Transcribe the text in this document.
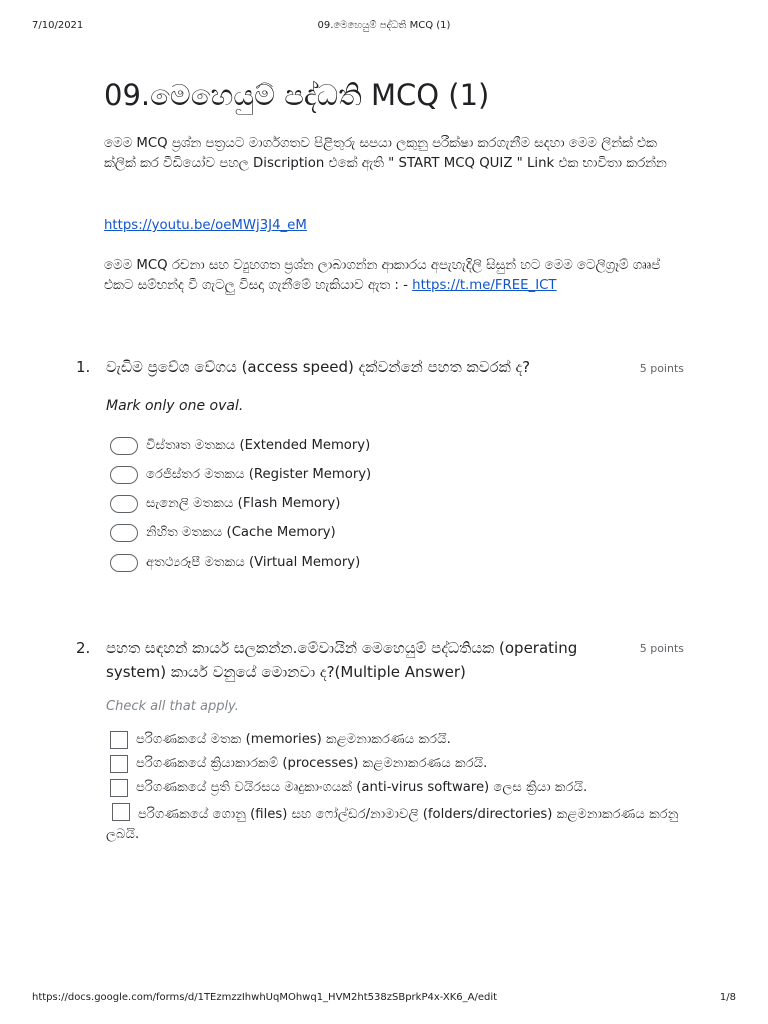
7/10/2021	09.මෙහෙයුම් පද්ධති MCQ (1)
09.මෙහෙයුම් පද්ධති MCQ (1)

මෙම MCQ ප්‍රශ්න පත්‍රයට මාර්ගගතව පිළිතුරු සපයා ලකුනු පරීක්ෂා කරගැනීම සදහා මෙම ලින්ක් එක ක්ලික් කර වීඩියෝව පහල Discription එකේ ඇති " START MCQ QUIZ " Link එක භාවිතා කරන්න

https://youtu.be/oeMWj3J4_eM
මෙම MCQ රචනා සහ ව්‍යුහගත ප්‍රශ්න ලාබාගන්න ආකාරය අපැහැදිලි සිසුන් හට මෙම ටෙලිග්‍රෑම් ගෲප් එකට සම්භන්ද වී ගැටලු විසදා ගැනීමේ හැකියාව ඇත : - https://t.me/FREE_ICT
1. වැඩිම ප්‍රවේශ වේගය (access speed) දක්වන්නේ පහත කවරක් ද?	5 points
Mark only one oval.
විස්තෘත මතකය (Extended Memory)
රෙජිස්තර මතකය (Register Memory)
සැනෙලි මතකය (Flash Memory)
නිහිත මතකය (Cache Memory)
අතථ්‍යරූපී මතකය (Virtual Memory)
2. පහත සඳහන් කාර්ය සලකන්න.මේවායින් මෙහෙයුම් පද්ධතියක (operating system) කාර්ය වනුයේ මොනවා ද?(Multiple Answer)

5 points
Check all that apply.
පරිගණකයේ මතක (memories) කළමනාකරණය කරයි.
පරිගණකයේ ක්‍රියාකාරකම් (processes) කළමනාකරණය කරයි.
පරිගණකයේ ප්‍රති වයිරසය මෘදුකාංගයක් (anti-virus software) ලෙස ක්‍රියා කරයි.
පරිගණකයේ ගොනු (files) සහ ෆෝල්ඩර/නාමාවලි (folders/directories) කළමනාකරණය කරනු ලබයි.
https://docs.google.com/forms/d/1TEzmzzIhwhUqMOhwq1_HVM2ht538zSBprkP4x-XK6_A/edit	1/8
